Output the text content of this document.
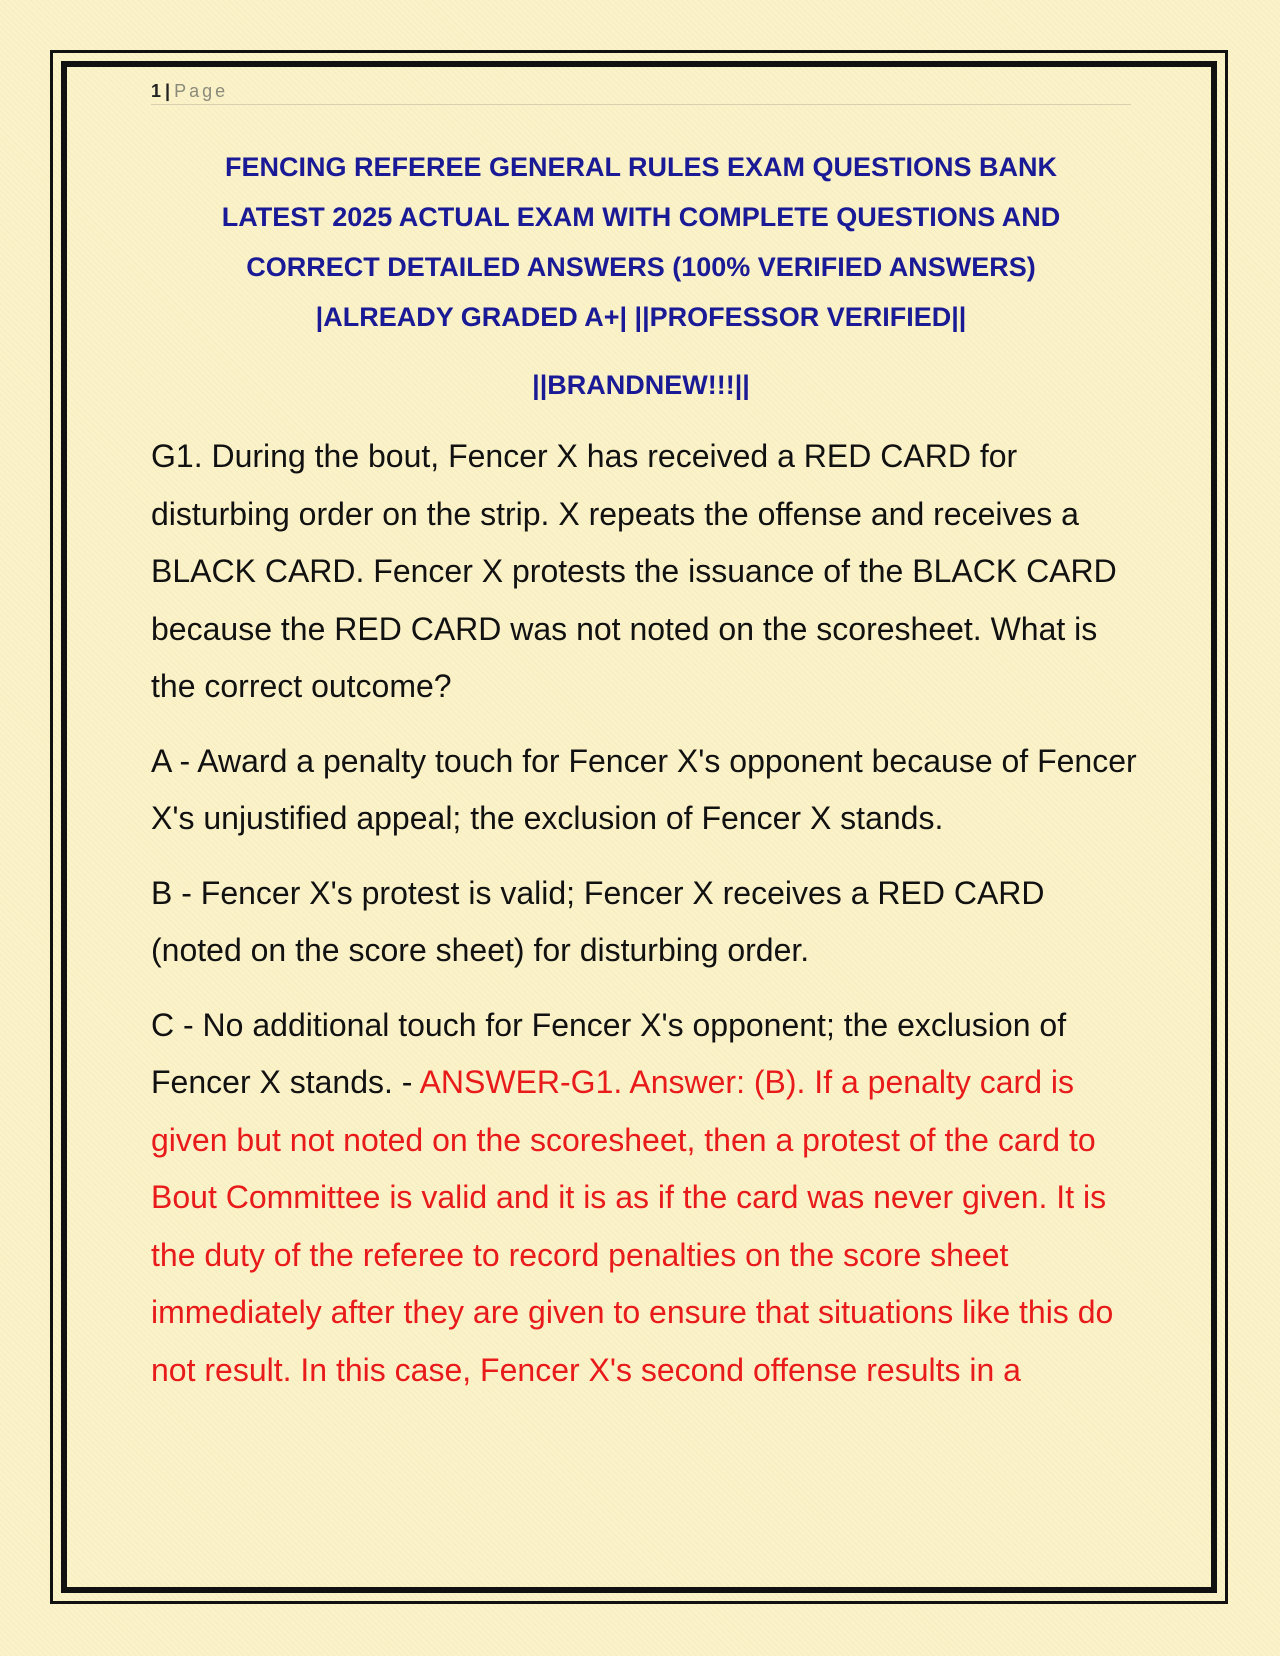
1 | Page
FENCING REFEREE GENERAL RULES EXAM QUESTIONS BANK
LATEST 2025 ACTUAL EXAM WITH COMPLETE QUESTIONS AND
CORRECT DETAILED ANSWERS (100% VERIFIED ANSWERS)
|ALREADY GRADED A+| ||PROFESSOR VERIFIED||
||BRANDNEW!!!||

G1. During the bout, Fencer X has received a RED CARD for disturbing order on the strip. X repeats the offense and receives a BLACK CARD. Fencer X protests the issuance of the BLACK CARD because the RED CARD was not noted on the scoresheet. What is the correct outcome?

A - Award a penalty touch for Fencer X's opponent because of Fencer X's unjustified appeal; the exclusion of Fencer X stands.

B - Fencer X's protest is valid; Fencer X receives a RED CARD (noted on the score sheet) for disturbing order.

C - No additional touch for Fencer X's opponent; the exclusion of Fencer X stands. - ANSWER-G1. Answer: (B). If a penalty card is given but not noted on the scoresheet, then a protest of the card to Bout Committee is valid and it is as if the card was never given. It is the duty of the referee to record penalties on the score sheet immediately after they are given to ensure that situations like this do not result. In this case, Fencer X's second offense results in a
